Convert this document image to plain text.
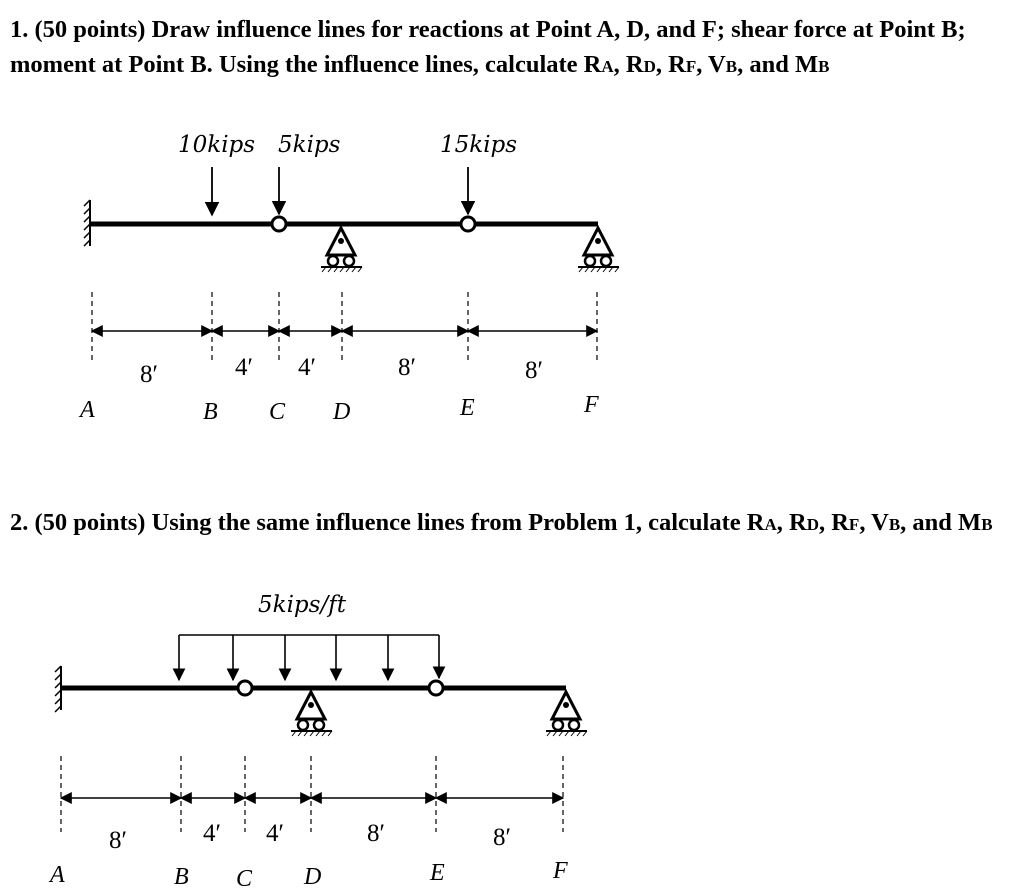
1. (50 points) Draw influence lines for reactions at Point A, D, and F; shear force at Point B; moment at Point B. Using the influence lines, calculate RA, RD, RF, VB, and MB

2. (50 points) Using the same influence lines from Problem 1, calculate RA, RD, RF, VB, and MB

10kips 5kips	15kips
8′	4′ 4′	8′	8′
A	B C D	E	F
5kips/ft
8′	4′ 4′	8′	8′
A	B C D	E	F
